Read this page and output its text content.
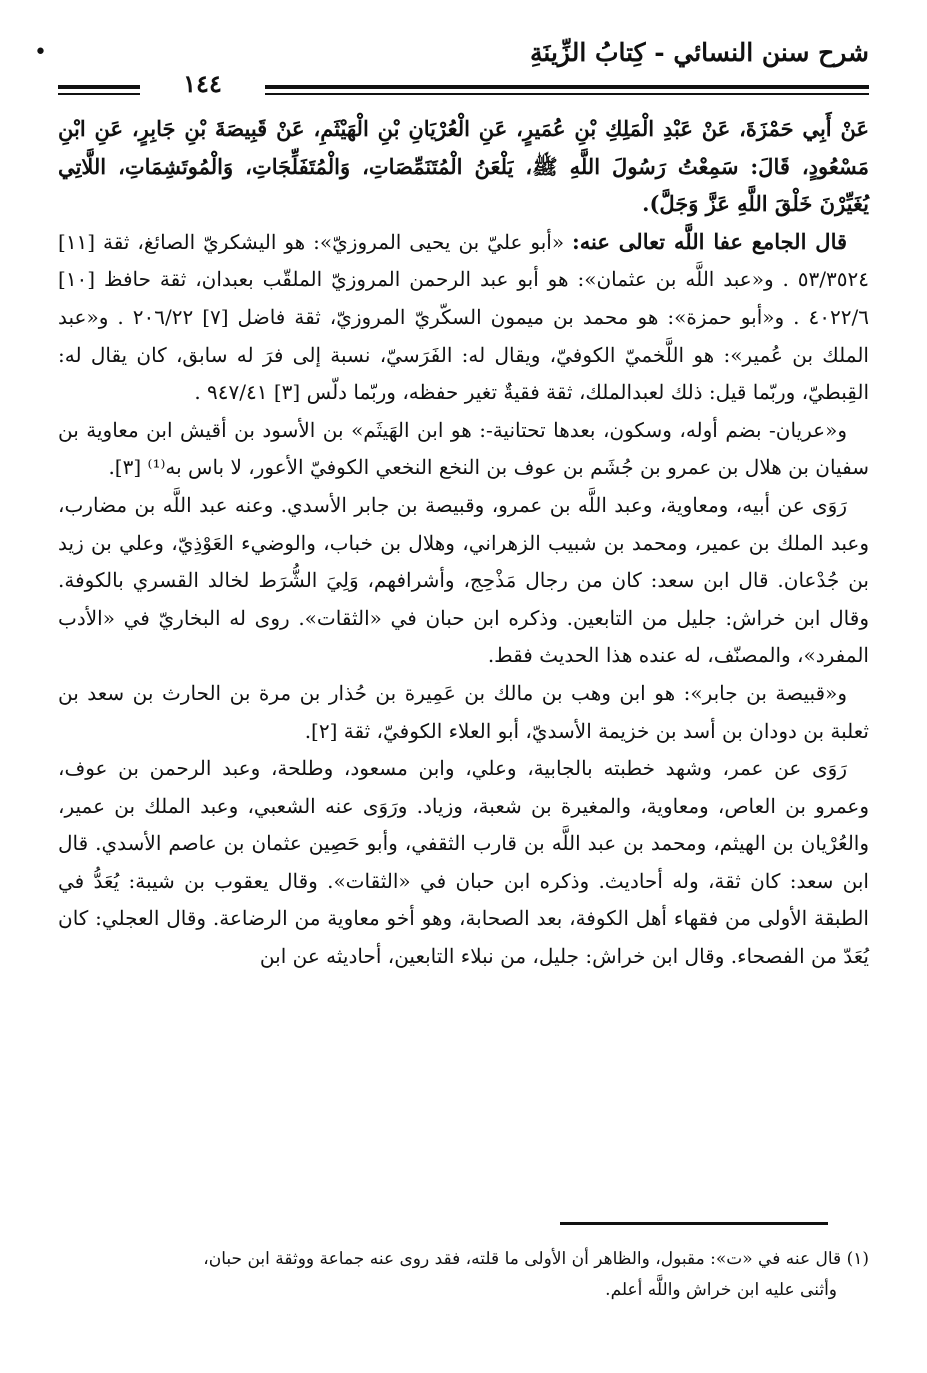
شرح سنن النسائي - كِتابُ الزِّينَةِ
•
١٤٤

عَنْ أَبِي حَمْزَةَ، عَنْ عَبْدِ الْمَلِكِ بْنِ عُمَيرٍ، عَنِ الْعُرْيَانِ بْنِ الْهَيْثَمِ، عَنْ قَبِيصَةَ بْنِ جَابِرٍ، عَنِ ابْنِ مَسْعُودٍ، قَالَ: سَمِعْتُ رَسُولَ اللَّهِ ﷺ، يَلْعَنُ الْمُتَنَمِّصَاتِ، وَالْمُتَفَلِّجَاتِ، وَالْمُوتَشِمَاتِ، اللَّاتِي يُغَيِّرْنَ خَلْقَ اللَّهِ عَزَّ وَجَلَّ).

قال الجامع عفا اللَّه تعالى عنه: «أبو عليّ بن يحيى المروزيّ»: هو اليشكريّ الصائغ، ثقة [١١] ٥٣/٣٥٢٤ . و«عبد اللَّه بن عثمان»: هو أبو عبد الرحمن المروزيّ الملقّب بعبدان، ثقة حافظ [١٠] ٤٠٢٢/٦ . و«أبو حمزة»: هو محمد بن ميمون السكّريّ المروزيّ، ثقة فاضل [٧] ٢٠٦/٢٢ . و«عبد الملك بن عُمير»: هو اللَّخميّ الكوفيّ، ويقال له: الفَرَسيّ، نسبة إلى فرَ له سابق، كان يقال له: القِبطيّ، وربّما قيل: ذلك لعبدالملك، ثقة فقيةٌ تغير حفظه، وربّما دلّس [٣] ٩٤٧/٤١ .

و«عريان- بضم أوله، وسكون، بعدها تحتانية-: هو ابن الهَيثَم» بن الأسود بن أقيش ابن معاوية بن سفيان بن هلال بن عمرو بن جُشَم بن عوف بن النخع النخعي الكوفيّ الأعور، لا باس به⁽¹⁾ [٣].

رَوَى عن أبيه، ومعاوية، وعبد اللَّه بن عمرو، وقبيصة بن جابر الأسدي. وعنه عبد اللَّه بن مضارب، وعبد الملك بن عمير، ومحمد بن شبيب الزهراني، وهلال بن خباب، والوضيء العَوْذِيّ، وعلي بن زيد بن جُدْعان. قال ابن سعد: كان من رجال مَذْحِج، وأشرافهم، وَلِيَ الشُّرَط لخالد القسري بالكوفة. وقال ابن خراش: جليل من التابعين. وذكره ابن حبان في «الثقات». روى له البخاريّ في «الأدب المفرد»، والمصنّف، له عنده هذا الحديث فقط.

و«قبيصة بن جابر»: هو ابن وهب بن مالك بن عَمِيرة بن حُذار بن مرة بن الحارث بن سعد بن ثعلبة بن دودان بن أسد بن خزيمة الأسديّ، أبو العلاء الكوفيّ، ثقة [٢].

رَوَى عن عمر، وشهد خطبته بالجابية، وعلي، وابن مسعود، وطلحة، وعبد الرحمن بن عوف، وعمرو بن العاص، ومعاوية، والمغيرة بن شعبة، وزياد. ورَوَى عنه الشعبي، وعبد الملك بن عمير، والعُرْيان بن الهيثم، ومحمد بن عبد اللَّه بن قارب الثقفي، وأبو حَصِين عثمان بن عاصم الأسدي. قال ابن سعد: كان ثقة، وله أحاديث. وذكره ابن حبان في «الثقات». وقال يعقوب بن شيبة: يُعَدُّ في الطبقة الأولى من فقهاء أهل الكوفة، بعد الصحابة، وهو أخو معاوية من الرضاعة. وقال العجلي: كان يُعَدّ من الفصحاء. وقال ابن خراش: جليل، من نبلاء التابعين، أحاديثه عن ابن

(١) قال عنه في «ت»: مقبول، والظاهر أن الأولى ما قلته، فقد روى عنه جماعة ووثقة ابن حبان،

وأثنى عليه ابن خراش واللَّه أعلم.
